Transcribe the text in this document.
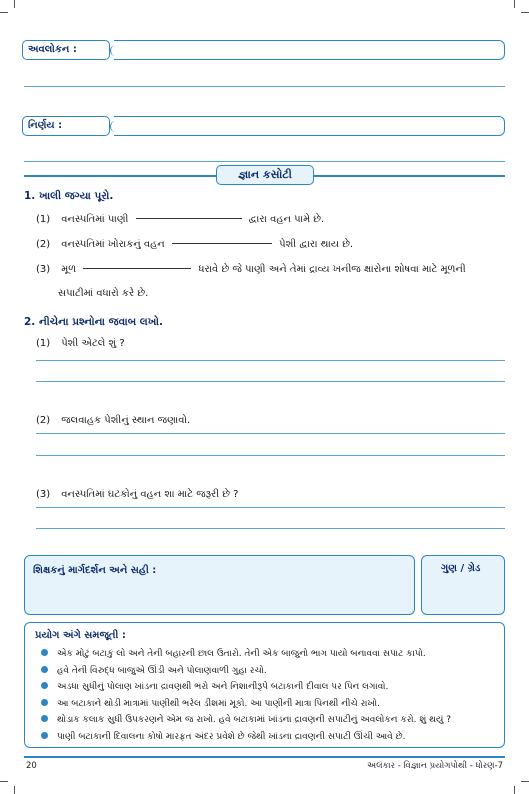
અવલોકન :
નિર્ણય :
જ્ઞાન કસોટી
1. ખાલી જગ્યા પૂરો.
(1) વનસ્પતિમાં પાણી	દ્વારા વહન પામે છે.
(2) વનસ્પતિમાં ખોરાકનું વહન	પેશી દ્વારા થાય છે.
(3) મૂળ	ધરાવે છે જે પાણી અને તેમાં દ્રાવ્ય ખનીજ ક્ષારોના શોષવા માટે મૂળની
સપાટીમાં વધારો કરે છે.
2. નીચેના પ્રશ્નોના જવાબ લખો.
(1) પેશી એટલે શું ?
(2) જલવાહક પેશીનું સ્થાન જણાવો.
(3) વનસ્પતિમાં ઘટકોનું વહન શા માટે જરૂરી છે ?
શિક્ષકનું માર્ગદર્શન અને સહી :	ગુણ / ગ્રેડ
પ્રયોગ અંગે સમજૂતી :
એક મોટું બટાકું લો અને તેની બહારની છાલ ઉતારો. તેની એક બાજુનો ભાગ પાયો બનાવવા સપાટ કાપો.
હવે તેની વિરુદ્ધ બાજુએ ઊંડી અને પોલાણવાળી ગુહા રચો.
અડધા સુધીનું પોલાણ ખાંડના દ્રાવણથી ભરો અને નિશાનીરૂપે બટાકાની દીવાલ પર પિન લગાવો.
આ બટાકાને થોડી માત્રામાં પાણીથી ભરેલ ડીશમાં મૂકો. આ પાણીની માત્રા પિનથી નીચે રાખો.
થોડાક કલાક સુધી ઉપકરણને એમ જ રાખો. હવે બટાકામાં ખાંડના દ્રાવણની સપાટીનું અવલોકન કરો. શું થયું ?
પાણી બટાકાની દિવાલના કોષો મારફત અંદર પ્રવેશે છે જેથી ખાંડના દ્રાવણની સપાટી ઊંચી આવે છે.
20	અલંકાર - વિજ્ઞાન પ્રયોગપોથી - ધોરણ-7
